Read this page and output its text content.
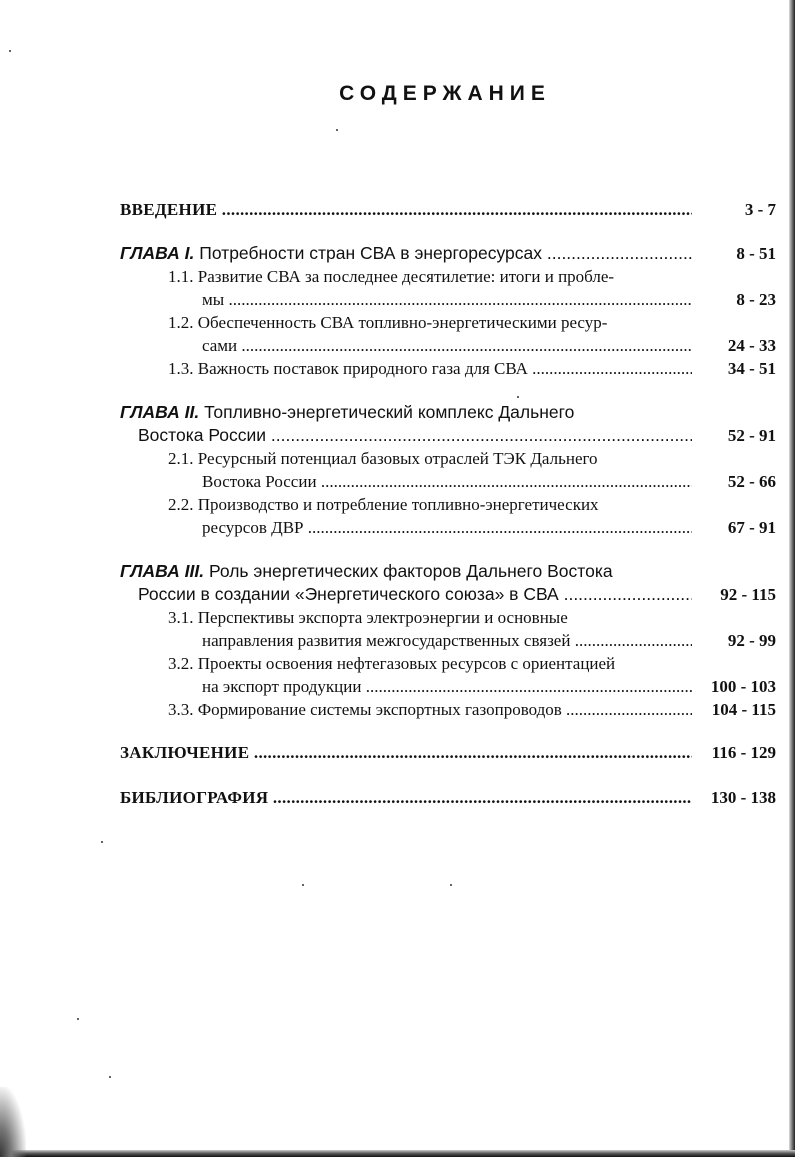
СОДЕРЖАНИЕ
ВВЕДЕНИЕ .....	3 - 7
ГЛАВА I. Потребности стран СВА в энергоресурсах .....	8 - 51
1.1. Развитие СВА за последнее десятилетие: итоги и пробле-
мы .....	8 - 23
1.2. Обеспеченность СВА топливно-энергетическими ресур-
сами .....	24 - 33
1.3. Важность поставок природного газа для СВА .....	34 - 51
ГЛАВА II. Топливно-энергетический комплекс Дальнего
Востока России .....	52 - 91
2.1. Ресурсный потенциал базовых отраслей ТЭК Дальнего
Востока России .....	52 - 66
2.2. Производство и потребление топливно-энергетических
ресурсов ДВР .....	67 - 91
ГЛАВА III. Роль энергетических факторов Дальнего Востока
России в создании «Энергетического союза» в СВА .....	92 - 115
3.1. Перспективы экспорта электроэнергии и основные
направления развития межгосударственных связей .....	92 - 99
3.2. Проекты освоения нефтегазовых ресурсов с ориентацией
на экспорт продукции .....	100 - 103
3.3. Формирование системы экспортных газопроводов .....	104 - 115
ЗАКЛЮЧЕНИЕ .....	116 - 129
БИБЛИОГРАФИЯ .....	130 - 138
